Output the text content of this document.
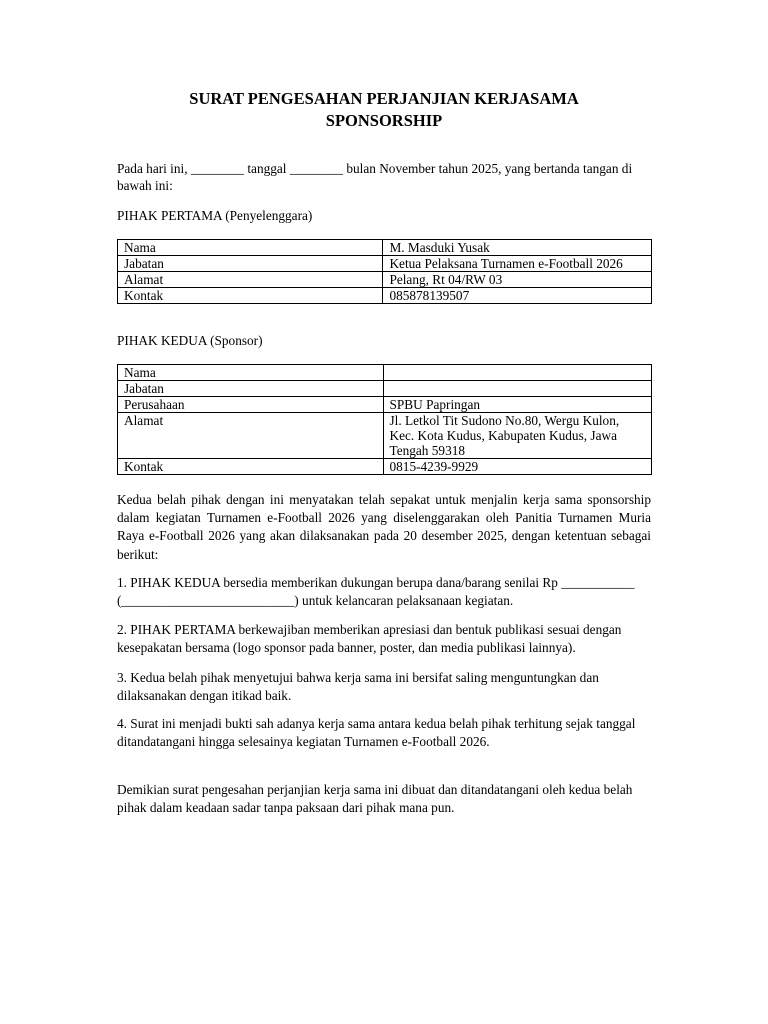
SURAT PENGESAHAN PERJANJIAN KERJASAMA
SPONSORSHIP

Pada hari ini, ________ tanggal ________ bulan November tahun 2025, yang bertanda tangan di bawah ini:

PIHAK PERTAMA (Penyelenggara)

Nama	M. Masduki Yusak
Jabatan	Ketua Pelaksana Turnamen e-Football 2026
Alamat	Pelang, Rt 04/RW 03
Kontak	085878139507

PIHAK KEDUA (Sponsor)

Nama	
Jabatan	
Perusahaan	SPBU Papringan
Alamat	Jl. Letkol Tit Sudono No.80, Wergu Kulon, Kec. Kota Kudus, Kabupaten Kudus, Jawa Tengah 59318
Kontak	0815-4239-9929

Kedua belah pihak dengan ini menyatakan telah sepakat untuk menjalin kerja sama sponsorship dalam kegiatan Turnamen e-Football 2026 yang diselenggarakan oleh Panitia Turnamen Muria Raya e-Football 2026 yang akan dilaksanakan pada 20 desember 2025, dengan ketentuan sebagai berikut:

1. PIHAK KEDUA bersedia memberikan dukungan berupa dana/barang senilai Rp ___________ (__________________________) untuk kelancaran pelaksanaan kegiatan.

2. PIHAK PERTAMA berkewajiban memberikan apresiasi dan bentuk publikasi sesuai dengan kesepakatan bersama (logo sponsor pada banner, poster, dan media publikasi lainnya).

3. Kedua belah pihak menyetujui bahwa kerja sama ini bersifat saling menguntungkan dan dilaksanakan dengan itikad baik.

4. Surat ini menjadi bukti sah adanya kerja sama antara kedua belah pihak terhitung sejak tanggal ditandatangani hingga selesainya kegiatan Turnamen e-Football 2026.

Demikian surat pengesahan perjanjian kerja sama ini dibuat dan ditandatangani oleh kedua belah pihak dalam keadaan sadar tanpa paksaan dari pihak mana pun.
